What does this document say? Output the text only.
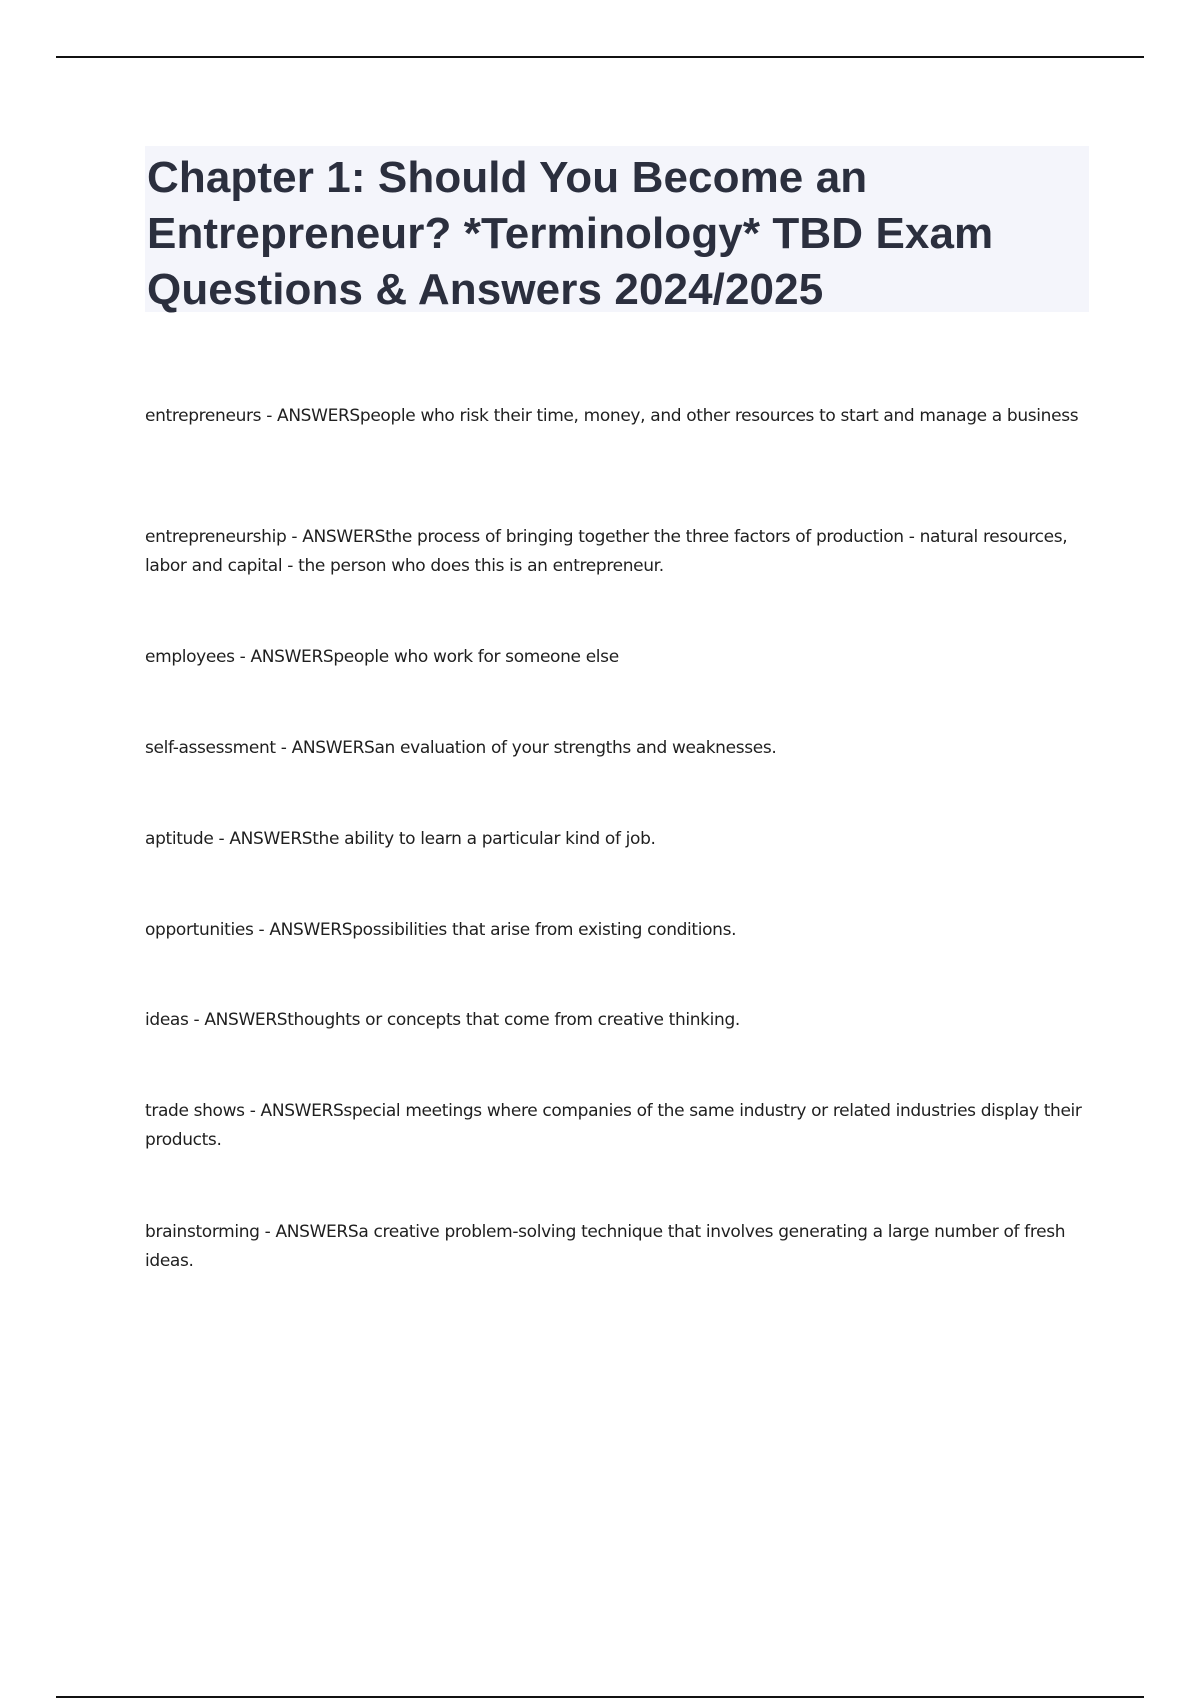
Chapter 1: Should You Become an Entrepreneur? *Terminology* TBD Exam Questions & Answers 2024/2025

entrepreneurs - ANSWERSpeople who risk their time, money, and other resources to start and manage a business

entrepreneurship - ANSWERSthe process of bringing together the three factors of production - natural resources, labor and capital - the person who does this is an entrepreneur.

employees - ANSWERSpeople who work for someone else

self-assessment - ANSWERSan evaluation of your strengths and weaknesses.

aptitude - ANSWERSthe ability to learn a particular kind of job.

opportunities - ANSWERSpossibilities that arise from existing conditions.

ideas - ANSWERSthoughts or concepts that come from creative thinking.

trade shows - ANSWERSspecial meetings where companies of the same industry or related industries display their products.

brainstorming - ANSWERSa creative problem-solving technique that involves generating a large number of fresh ideas.
